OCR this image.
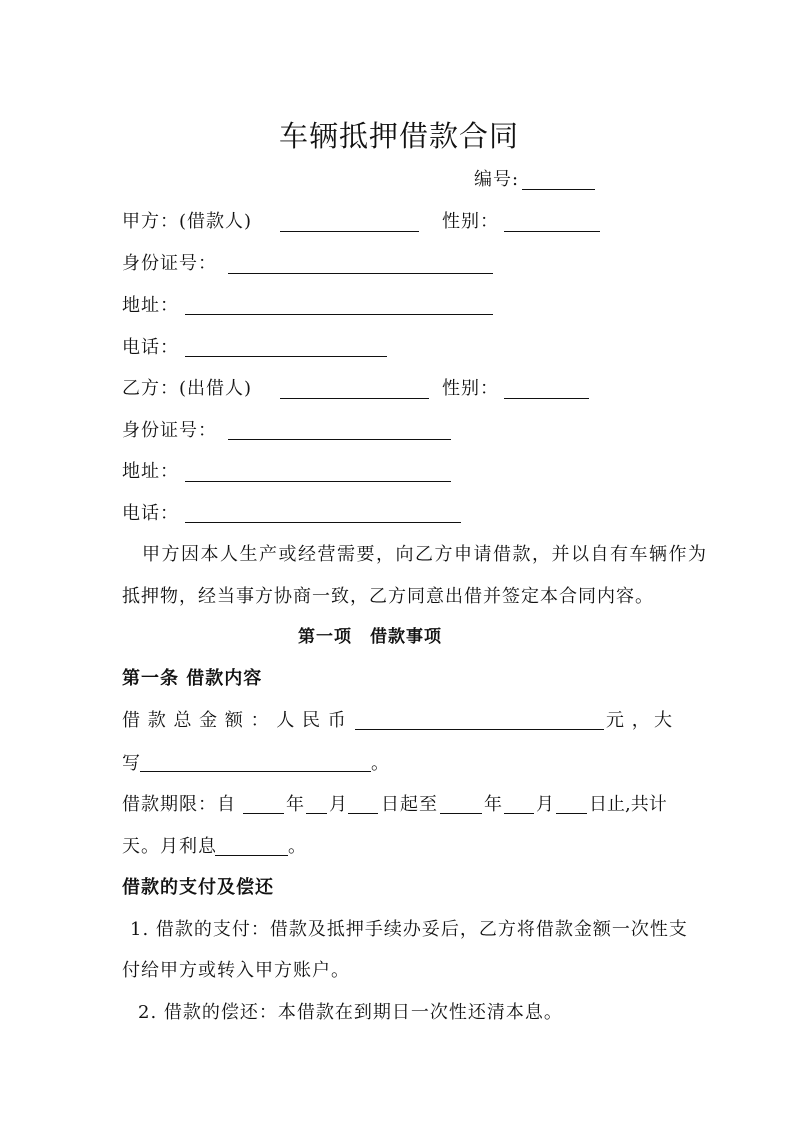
车辆抵押借款合同
编号:
甲方：(借款人)	性别：
身份证号：
地址：
电话：
乙方：(出借人)	性别：
身份证号：
地址：
电话：
甲方因本人生产或经营需要，向乙方申请借款，并以自有车辆作为
抵押物，经当事方协商一致，乙方同意出借并签定本合同内容。
第一项　借款事项
第一条 借款内容
借 款 总 金 额 ： 人 民 币	元 ， 大
写	。
借款期限：自	年 月 日起至	年 月 日止,共计
天。月利息	。
借款的支付及偿还
1. 借款的支付：借款及抵押手续办妥后，乙方将借款金额一次性支
付给甲方或转入甲方账户。
2. 借款的偿还：本借款在到期日一次性还清本息。
